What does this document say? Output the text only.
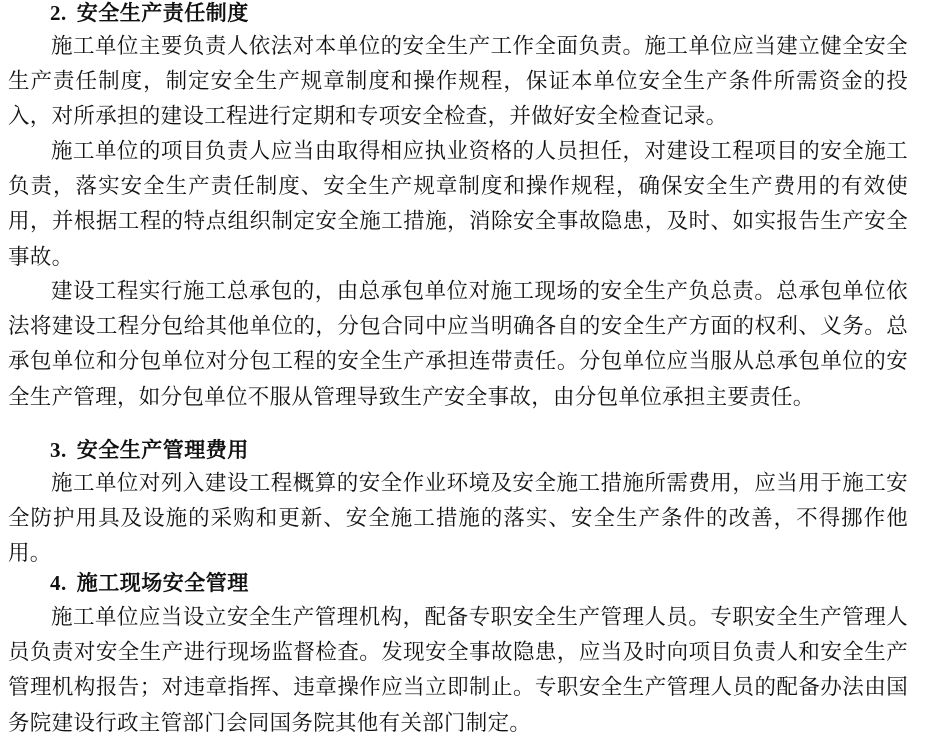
2. 安全生产责任制度

施工单位主要负责人依法对本单位的安全生产工作全面负责。施工单位应当建立健全安全生产责任制度，制定安全生产规章制度和操作规程，保证本单位安全生产条件所需资金的投入，对所承担的建设工程进行定期和专项安全检查，并做好安全检查记录。

施工单位的项目负责人应当由取得相应执业资格的人员担任，对建设工程项目的安全施工负责，落实安全生产责任制度、安全生产规章制度和操作规程，确保安全生产费用的有效使用，并根据工程的特点组织制定安全施工措施，消除安全事故隐患，及时、如实报告生产安全事故。

建设工程实行施工总承包的，由总承包单位对施工现场的安全生产负总责。总承包单位依法将建设工程分包给其他单位的，分包合同中应当明确各自的安全生产方面的权利、义务。总承包单位和分包单位对分包工程的安全生产承担连带责任。分包单位应当服从总承包单位的安全生产管理，如分包单位不服从管理导致生产安全事故，由分包单位承担主要责任。

3. 安全生产管理费用

施工单位对列入建设工程概算的安全作业环境及安全施工措施所需费用，应当用于施工安全防护用具及设施的采购和更新、安全施工措施的落实、安全生产条件的改善，不得挪作他用。

4. 施工现场安全管理

施工单位应当设立安全生产管理机构，配备专职安全生产管理人员。专职安全生产管理人员负责对安全生产进行现场监督检査。发现安全事故隐患，应当及时向项目负责人和安全生产管理机构报告；对违章指挥、违章操作应当立即制止。专职安全生产管理人员的配备办法由国务院建设行政主管部门会同国务院其他有关部门制定。
